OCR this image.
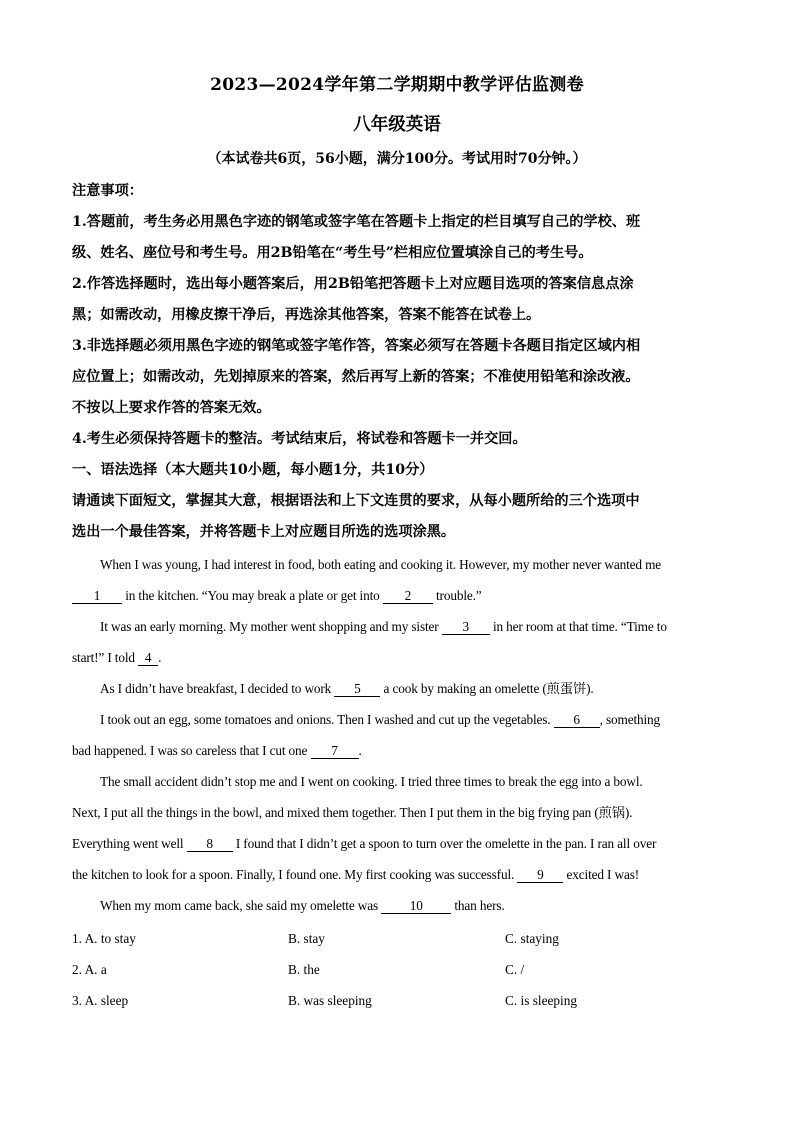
2023—2024学年第二学期期中教学评估监测卷
八年级英语
（本试卷共6页，56小题，满分100分。考试用时70分钟。）
注意事项：
1.答题前，考生务必用黑色字迹的钢笔或签字笔在答题卡上指定的栏目填写自己的学校、班
级、姓名、座位号和考生号。用2B铅笔在“考生号”栏相应位置填涂自己的考生号。
2.作答选择题时，选出每小题答案后，用2B铅笔把答题卡上对应题目选项的答案信息点涂
黑；如需改动，用橡皮擦干净后，再选涂其他答案，答案不能答在试卷上。
3.非选择题必须用黑色字迹的钢笔或签字笔作答，答案必须写在答题卡各题目指定区域内相
应位置上；如需改动，先划掉原来的答案，然后再写上新的答案；不准使用铅笔和涂改液。
不按以上要求作答的答案无效。
4.考生必须保持答题卡的整洁。考试结束后，将试卷和答题卡一并交回。
一、语法选择（本大题共10小题，每小题1分，共10分）
请通读下面短文，掌握其大意，根据语法和上下文连贯的要求，从每小题所给的三个选项中
选出一个最佳答案，并将答题卡上对应题目所选的选项涂黑。
When I was young, I had interest in food, both eating and cooking it. However, my mother never wanted me
1 in the kitchen. “You may break a plate or get into 2 trouble.”
It was an early morning. My mother went shopping and my sister 3 in her room at that time. “Time to
start!” I told 4 .
As I didn’t have breakfast, I decided to work 5 a cook by making an omelette (煎蛋饼).
I took out an egg, some tomatoes and onions. Then I washed and cut up the vegetables. 6 , something
bad happened. I was so careless that I cut one 7 .
The small accident didn’t stop me and I went on cooking. I tried three times to break the egg into a bowl.
Next, I put all the things in the bowl, and mixed them together. Then I put them in the big frying pan (煎锅).
Everything went well 8 I found that I didn’t get a spoon to turn over the omelette in the pan. I ran all over
the kitchen to look for a spoon. Finally, I found one. My first cooking was successful. 9 excited I was!
When my mom came back, she said my omelette was 10 than hers.
1. A. to stay	B. stay	C. staying
2. A. a	B. the	C. /
3. A. sleep	B. was sleeping	C. is sleeping
